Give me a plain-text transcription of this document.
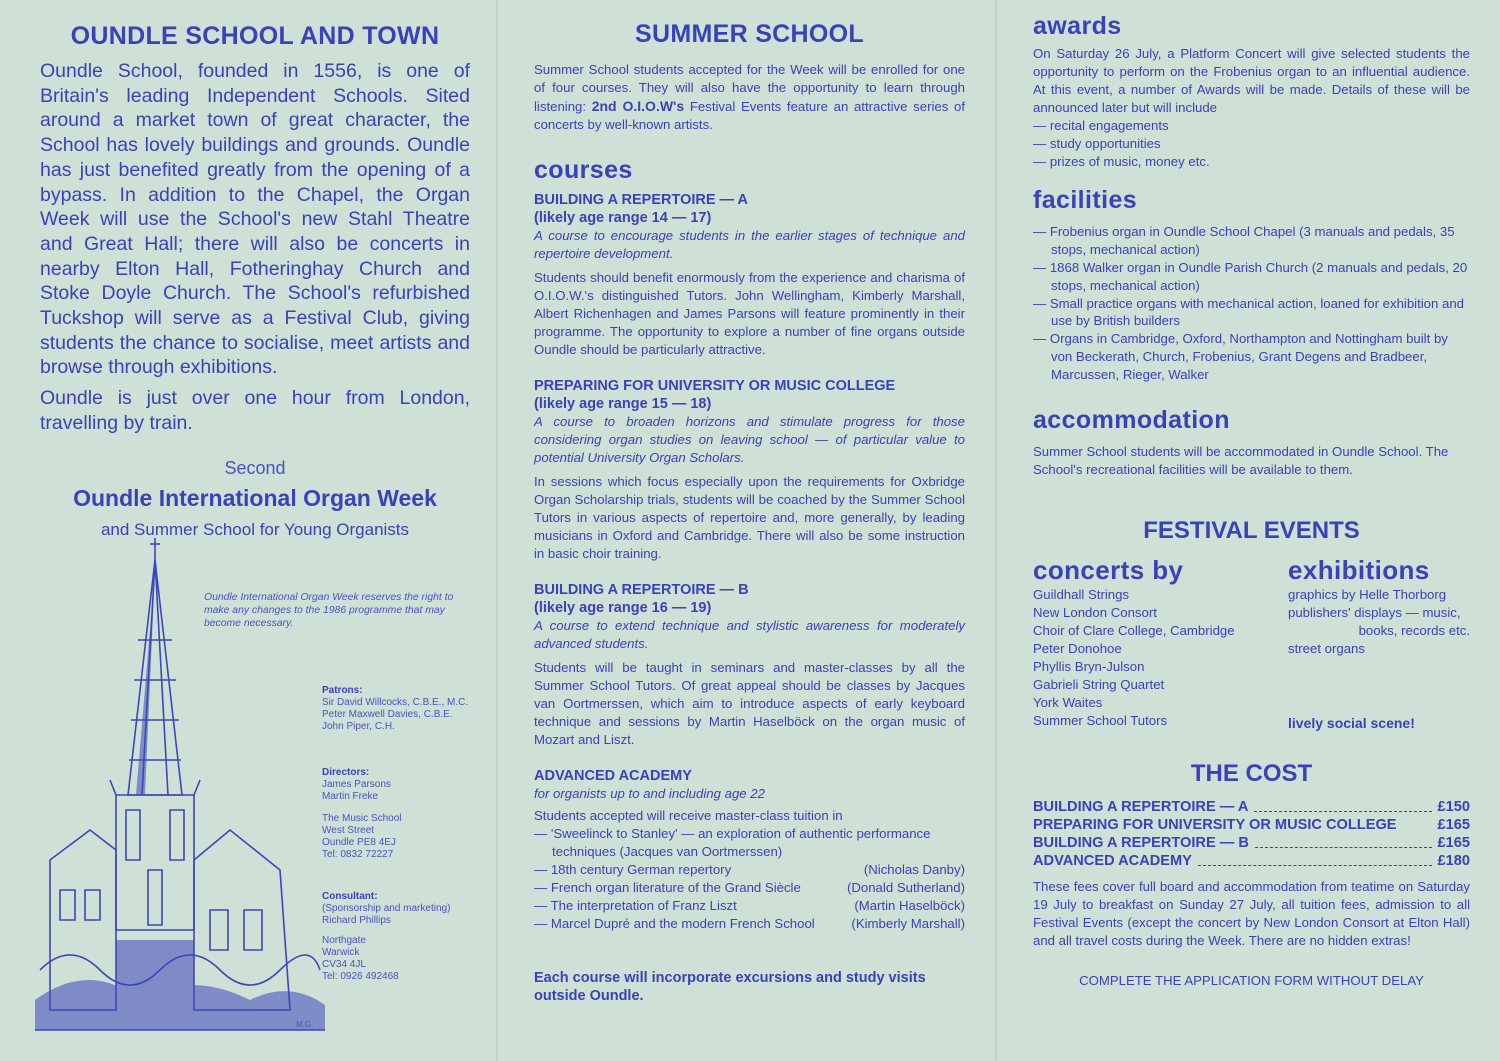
OUNDLE SCHOOL AND TOWN

Oundle School, founded in 1556, is one of Britain's leading Independent Schools. Sited around a market town of great character, the School has lovely buildings and grounds. Oundle has just benefited greatly from the opening of a bypass. In addition to the Chapel, the Organ Week will use the School's new Stahl Theatre and Great Hall; there will also be concerts in nearby Elton Hall, Fotheringhay Church and Stoke Doyle Church. The School's refurbished Tuckshop will serve as a Festival Club, giving students the chance to socialise, meet artists and browse through exhibitions.

Oundle is just over one hour from London, travelling by train.

Second
Oundle International Organ Week
and Summer School for Young Organists
Oundle International Organ Week reserves the right to make any changes to the 1986 programme that may become necessary.
Patrons:
Sir David Willcocks, C.B.E., M.C.
Peter Maxwell Davies, C.B.E.
John Piper, C.H.
Directors:
James Parsons
Martin Freke
The Music School
West Street
Oundle PE8 4EJ
Tel: 0832 72227
Consultant:
(Sponsorship and marketing)
Richard Phillips
Northgate
Warwick
CV34 4JL
Tel: 0926 492468
M.G.
SUMMER SCHOOL

Summer School students accepted for the Week will be enrolled for one of four courses. They will also have the opportunity to learn through listening: 2nd O.I.O.W's Festival Events feature an attractive series of concerts by well-known artists.

courses
BUILDING A REPERTOIRE — A
(likely age range 14 — 17)

A course to encourage students in the earlier stages of technique and repertoire development.

Students should benefit enormously from the experience and charisma of O.I.O.W.'s distinguished Tutors. John Wellingham, Kimberly Marshall, Albert Richenhagen and James Parsons will feature prominently in their programme. The opportunity to explore a number of fine organs outside Oundle should be particularly attractive.

PREPARING FOR UNIVERSITY OR MUSIC COLLEGE
(likely age range 15 — 18)

A course to broaden horizons and stimulate progress for those considering organ studies on leaving school — of particular value to potential University Organ Scholars.

In sessions which focus especially upon the requirements for Oxbridge Organ Scholarship trials, students will be coached by the Summer School Tutors in various aspects of repertoire and, more generally, by leading musicians in Oxford and Cambridge. There will also be some instruction in basic choir training.

BUILDING A REPERTOIRE — B
(likely age range 16 — 19)

A course to extend technique and stylistic awareness for moderately advanced students.

Students will be taught in seminars and master-classes by all the Summer School Tutors. Of great appeal should be classes by Jacques van Oortmerssen, which aim to introduce aspects of early keyboard technique and sessions by Martin Haselböck on the organ music of Mozart and Liszt.

ADVANCED ACADEMY

for organists up to and including age 22

Students accepted will receive master-class tuition in

— 'Sweelinck to Stanley' — an exploration of authentic performance techniques (Jacques van Oortmerssen)
— 18th century German repertory	(Nicholas Danby)
— French organ literature of the Grand Siècle	(Donald Sutherland)
— The interpretation of Franz Liszt	(Martin Haselböck)
— Marcel Dupré and the modern French School	(Kimberly Marshall)

Each course will incorporate excursions and study visits outside Oundle.

awards

On Saturday 26 July, a Platform Concert will give selected students the opportunity to perform on the Frobenius organ to an influential audience. At this event, a number of Awards will be made. Details of these will be announced later but will include

— recital engagements
— study opportunities
— prizes of music, money etc.
facilities
— Frobenius organ in Oundle School Chapel (3 manuals and pedals, 35 stops, mechanical action)
— 1868 Walker organ in Oundle Parish Church (2 manuals and pedals, 20 stops, mechanical action)
— Small practice organs with mechanical action, loaned for exhibition and use by British builders
— Organs in Cambridge, Oxford, Northampton and Nottingham built by von Beckerath, Church, Frobenius, Grant Degens and Bradbeer, Marcussen, Rieger, Walker
accommodation

Summer School students will be accommodated in Oundle School. The School's recreational facilities will be available to them.

FESTIVAL EVENTS
concerts by
Guildhall Strings
New London Consort
Choir of Clare College, Cambridge
Peter Donohoe
Phyllis Bryn-Julson
Gabrieli String Quartet
York Waites
Summer School Tutors
exhibitions
graphics by Helle Thorborg
publishers' displays — music,
books, records etc.
street organs
lively social scene!
THE COST
BUILDING A REPERTOIRE — A	£150
PREPARING FOR UNIVERSITY OR MUSIC COLLEGE	£165
BUILDING A REPERTOIRE — B	£165
ADVANCED ACADEMY	£180

These fees cover full board and accommodation from teatime on Saturday 19 July to breakfast on Sunday 27 July, all tuition fees, admission to all Festival Events (except the concert by New London Consort at Elton Hall) and all travel costs during the Week. There are no hidden extras!

COMPLETE THE APPLICATION FORM WITHOUT DELAY
